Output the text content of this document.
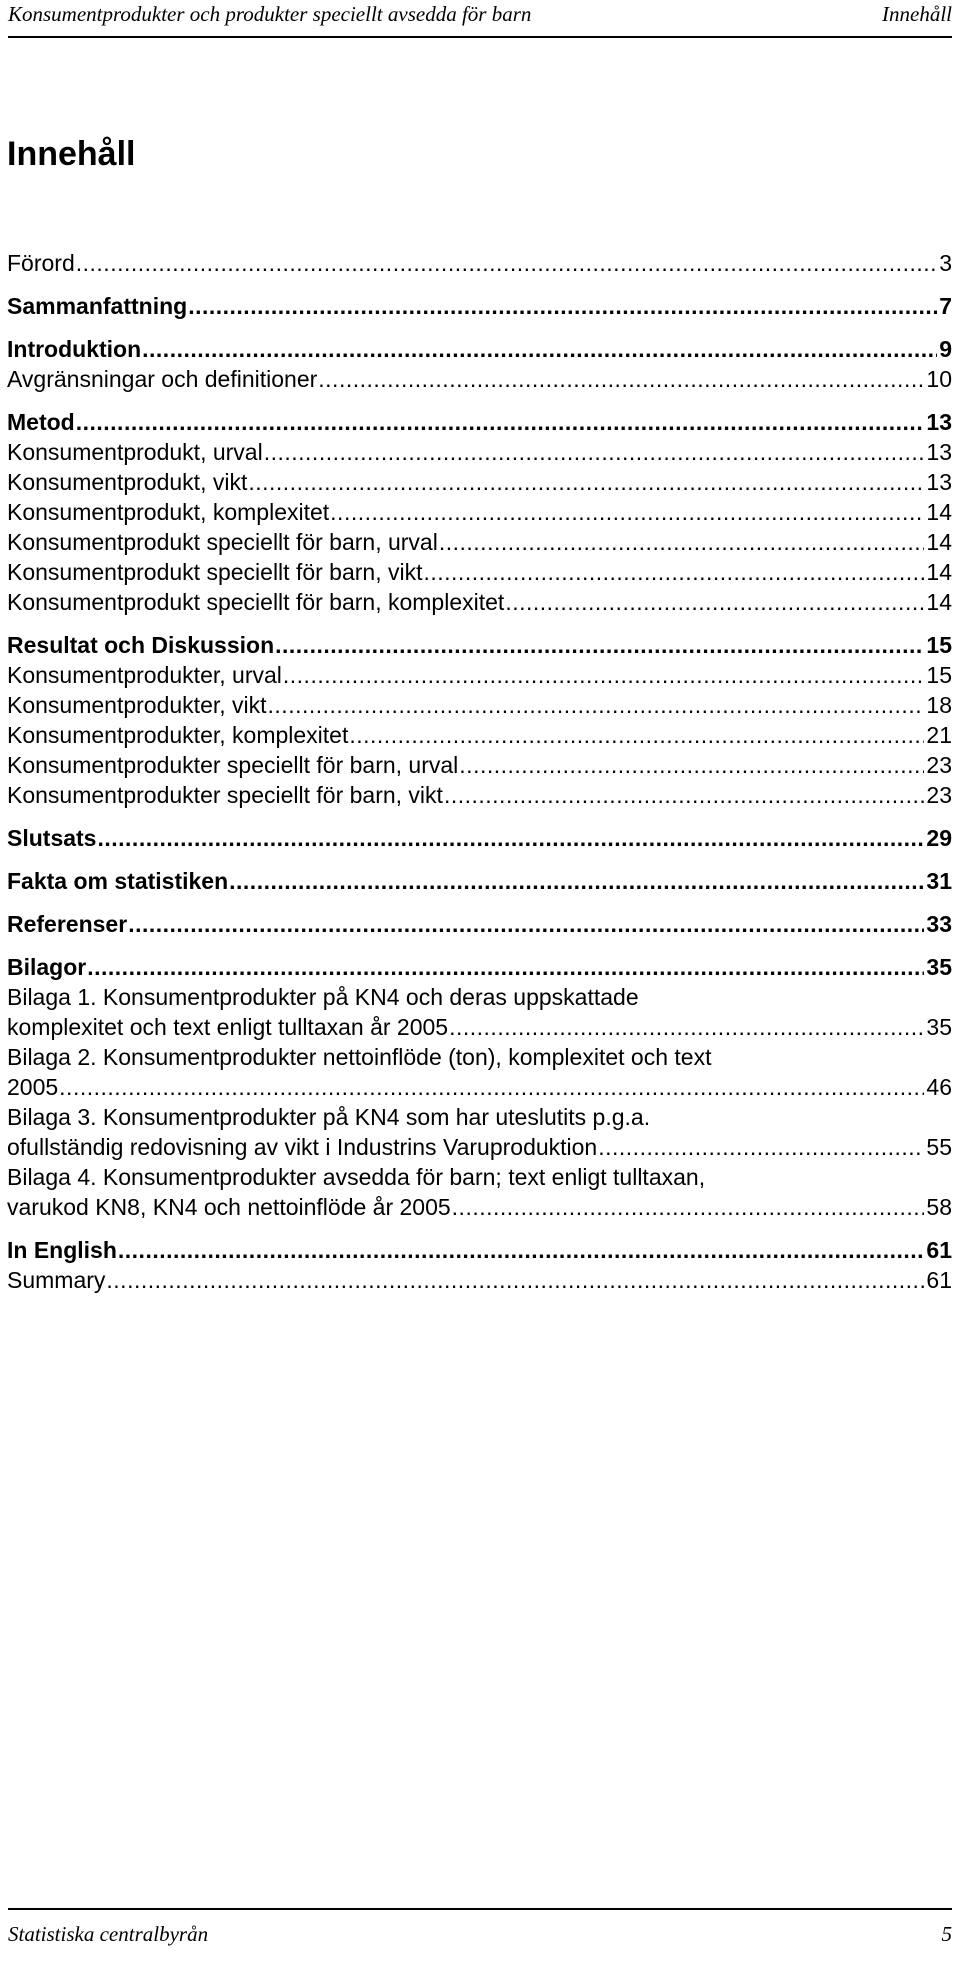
Konsumentprodukter och produkter speciellt avsedda för barn	Innehåll
Innehåll
Förord .....	3
Sammanfattning .....	7
Introduktion .....	9
Avgränsningar och definitioner .....	10
Metod .....	13
Konsumentprodukt, urval .....	13
Konsumentprodukt, vikt .....	13
Konsumentprodukt, komplexitet .....	14
Konsumentprodukt speciellt för barn, urval .....	14
Konsumentprodukt speciellt för barn, vikt .....	14
Konsumentprodukt speciellt för barn, komplexitet .....	14
Resultat och Diskussion .....	15
Konsumentprodukter, urval .....	15
Konsumentprodukter, vikt .....	18
Konsumentprodukter, komplexitet .....	21
Konsumentprodukter speciellt för barn, urval .....	23
Konsumentprodukter speciellt för barn, vikt .....	23
Slutsats .....	29
Fakta om statistiken .....	31
Referenser .....	33
Bilagor .....	35
Bilaga 1. Konsumentprodukter på KN4 och deras uppskattade
komplexitet och text enligt tulltaxan år 2005 .....	35
Bilaga 2. Konsumentprodukter nettoinflöde (ton), komplexitet och text
2005 .....	46
Bilaga 3. Konsumentprodukter på KN4 som har uteslutits p.g.a.
ofullständig redovisning av vikt i Industrins Varuproduktion .....	55
Bilaga 4. Konsumentprodukter avsedda för barn; text enligt tulltaxan,
varukod KN8, KN4 och nettoinflöde år 2005 .....	58
In English .....	61
Summary .....	61
Statistiska centralbyrån	5
